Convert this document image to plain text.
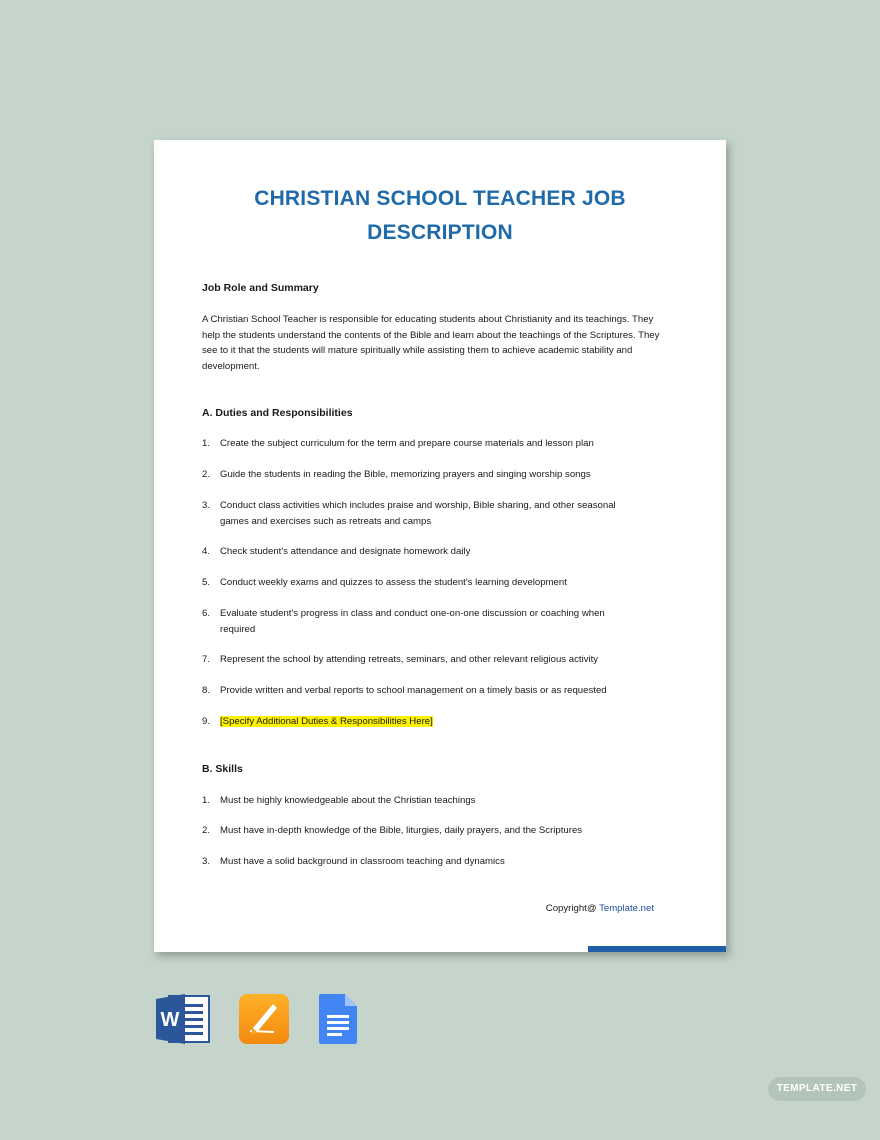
CHRISTIAN SCHOOL TEACHER JOB
DESCRIPTION
Job Role and Summary
A Christian School Teacher is responsible for educating students about Christianity and its teachings. They help the students understand the contents of the Bible and learn about the teachings of the Scriptures. They see to it that the students will mature spiritually while assisting them to achieve academic stability and development.
A. Duties and Responsibilities
1. Create the subject curriculum for the term and prepare course materials and lesson plan
2. Guide the students in reading the Bible, memorizing prayers and singing worship songs
3. Conduct class activities which includes praise and worship, Bible sharing, and other seasonal games and exercises such as retreats and camps
4. Check student's attendance and designate homework daily
5. Conduct weekly exams and quizzes to assess the student's learning development
6. Evaluate student's progress in class and conduct one-on-one discussion or coaching when required
7. Represent the school by attending retreats, seminars, and other relevant religious activity
8. Provide written and verbal reports to school management on a timely basis or as requested
9. [Specify Additional Duties & Responsibilities Here]
B. Skills
1. Must be highly knowledgeable about the Christian teachings
2. Must have in-depth knowledge of the Bible, liturgies, daily prayers, and the Scriptures
3. Must have a solid background in classroom teaching and dynamics
Copyright@ Template.net
W
TEMPLATE.NET
